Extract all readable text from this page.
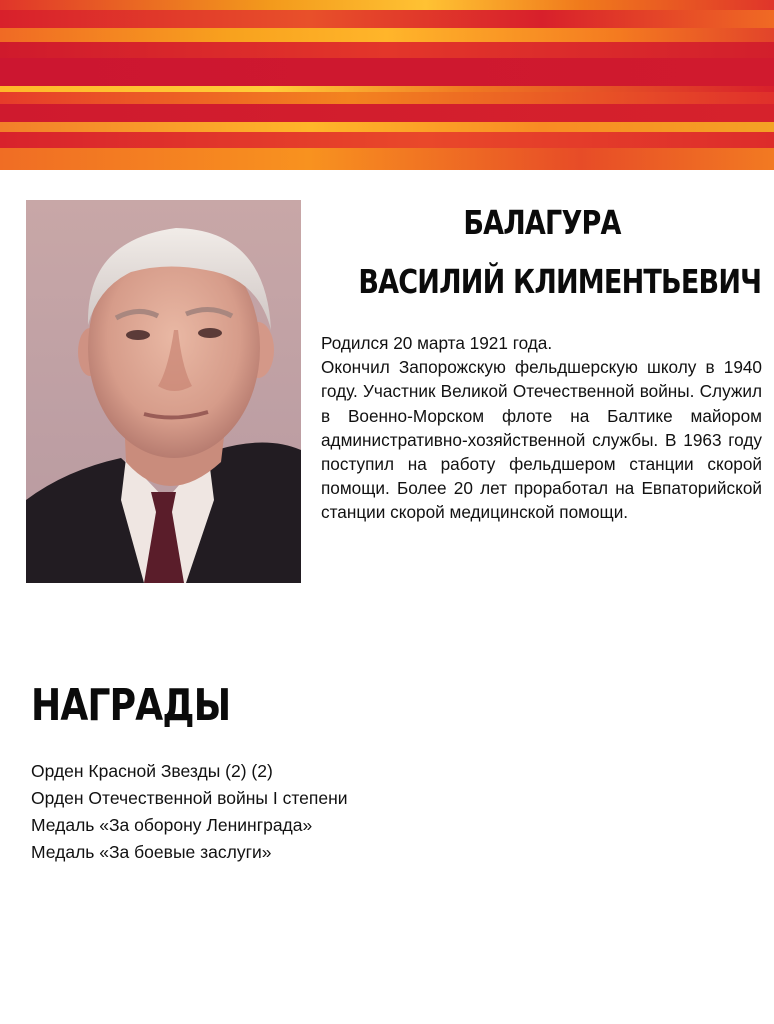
БАЛАГУРА
ВАСИЛИЙ КЛИМЕНТЬЕВИЧ

Родился 20 марта 1921 года.

Окончил Запорожскую фельдшерскую школу в 1940 году. Участник Великой Отечественной войны. Служил в Военно-Морском флоте на Балтике майором административно-хозяйственной службы. В 1963 году поступил на работу фельдшером станции скорой помощи. Более 20 лет проработал на Евпаторийской станции скорой медицинской помощи.

НАГРАДЫ
Орден Красной Звезды (2) (2)
Орден Отечественной войны I степени
Медаль «За оборону Ленинграда»
Медаль «За боевые заслуги»
